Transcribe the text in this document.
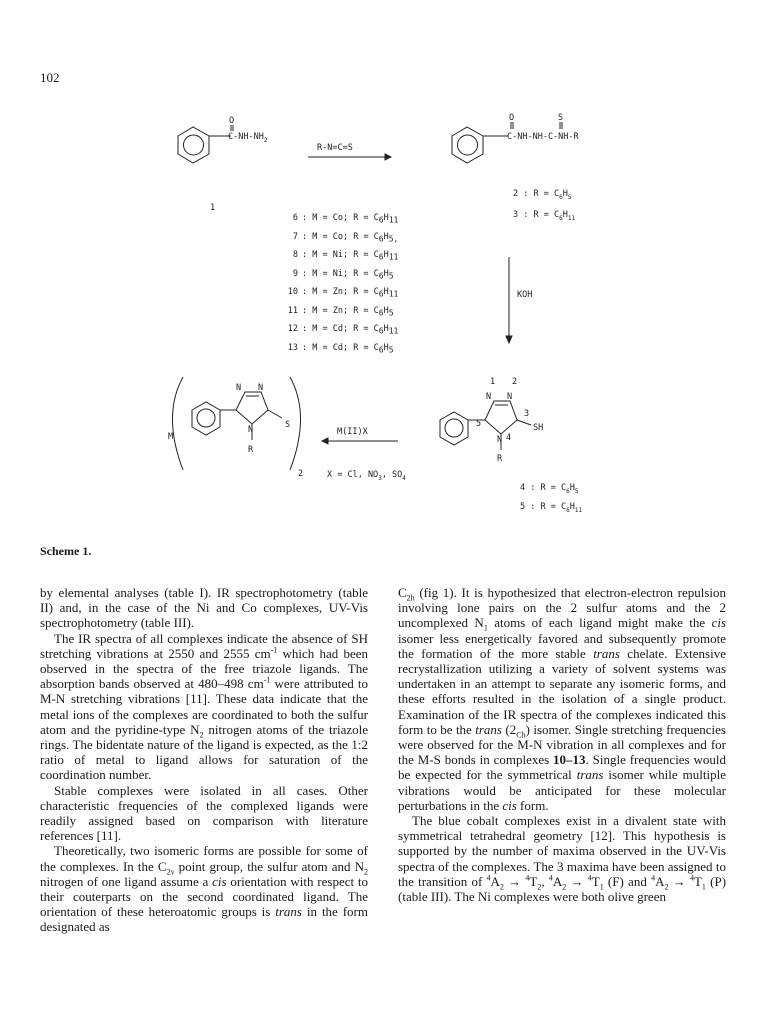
102
O
$C-NH-NH_2$
1
R-N=C=S
O	S
C-NH-NH-C-NH-R
2 : $R = C_6H_5$
3 : $R = C_6H_{11}$
KOH
M
S
N N
N
R
2
M(II)X
X = Cl, $NO_3$, $SO_4$
1 2
3
4
5
N N
N
SH
R
4 : $R = C_6H_5$
5 : $R = C_6H_{11}$
6 : M = Co; $R = C_6H_{11}$
7 : M = Co; $R = C_6H_{5,}$
8 : M = Ni; $R = C_6H_{11}$
9 : M = Ni; $R = C_6H_5$
10 : M = Zn; $R = C_6H_{11}$
11 : M = Zn; $R = C_6H_5$
12 : M = Cd; $R = C_6H_{11}$
13 : M = Cd; $R = C_6H_5$
Scheme 1.

by elemental analyses (table I). IR spectrophotometry (table II) and, in the case of the Ni and Co complexes, UV-Vis spectrophotometry (table III).

The IR spectra of all complexes indicate the absence of SH stretching vibrations at 2550 and 2555 $cm^{-1}$ which had been observed in the spectra of the free triazole ligands. The absorption bands observed at 480–498 $cm^{-1}$ were attributed to M-N stretching vibrations [11]. These data indicate that the metal ions of the complexes are coordinated to both the sulfur atom and the pyridine-type $N_2$ nitrogen atoms of the triazole rings. The bidentate nature of the ligand is expected, as the 1:2 ratio of metal to ligand allows for saturation of the coordination number.

Stable complexes were isolated in all cases. Other characteristic frequencies of the complexed ligands were readily assigned based on comparison with literature references [11].

Theoretically, two isomeric forms are possible for some of the complexes. In the $C_{2v}$ point group, the sulfur atom and $N_2$ nitrogen of one ligand assume a cis orientation with respect to their couterparts on the second coordinated ligand. The orientation of these heteroatomic groups is trans in the form designated as

$C_{2h}$ (fig 1). It is hypothesized that electron-electron repulsion involving lone pairs on the 2 sulfur atoms and the 2 uncomplexed $N_1$ atoms of each ligand might make the cis isomer less energetically favored and subsequently promote the formation of the more stable trans chelate. Extensive recrystallization utilizing a variety of solvent systems was undertaken in an attempt to separate any isomeric forms, and these efforts resulted in the isolation of a single product. Examination of the IR spectra of the complexes indicated this form to be the trans $(2_{Ch})$ isomer. Single stretching frequencies were observed for the M-N vibration in all complexes and for the M-S bonds in complexes 10–13. Single frequencies would be expected for the symmetrical trans isomer while multiple vibrations would be anticipated for these molecular perturbations in the cis form.

The blue cobalt complexes exist in a divalent state with symmetrical tetrahedral geometry [12]. This hypothesis is supported by the number of maxima observed in the UV-Vis spectra of the complexes. The 3 maxima have been assigned to the transition of $^4A_2 \to ^4T_2$, $^4A_2 \to ^4T_1$ (F) and $^4A_2 \to ^4T_1$ (P) (table III). The Ni complexes were both olive green
